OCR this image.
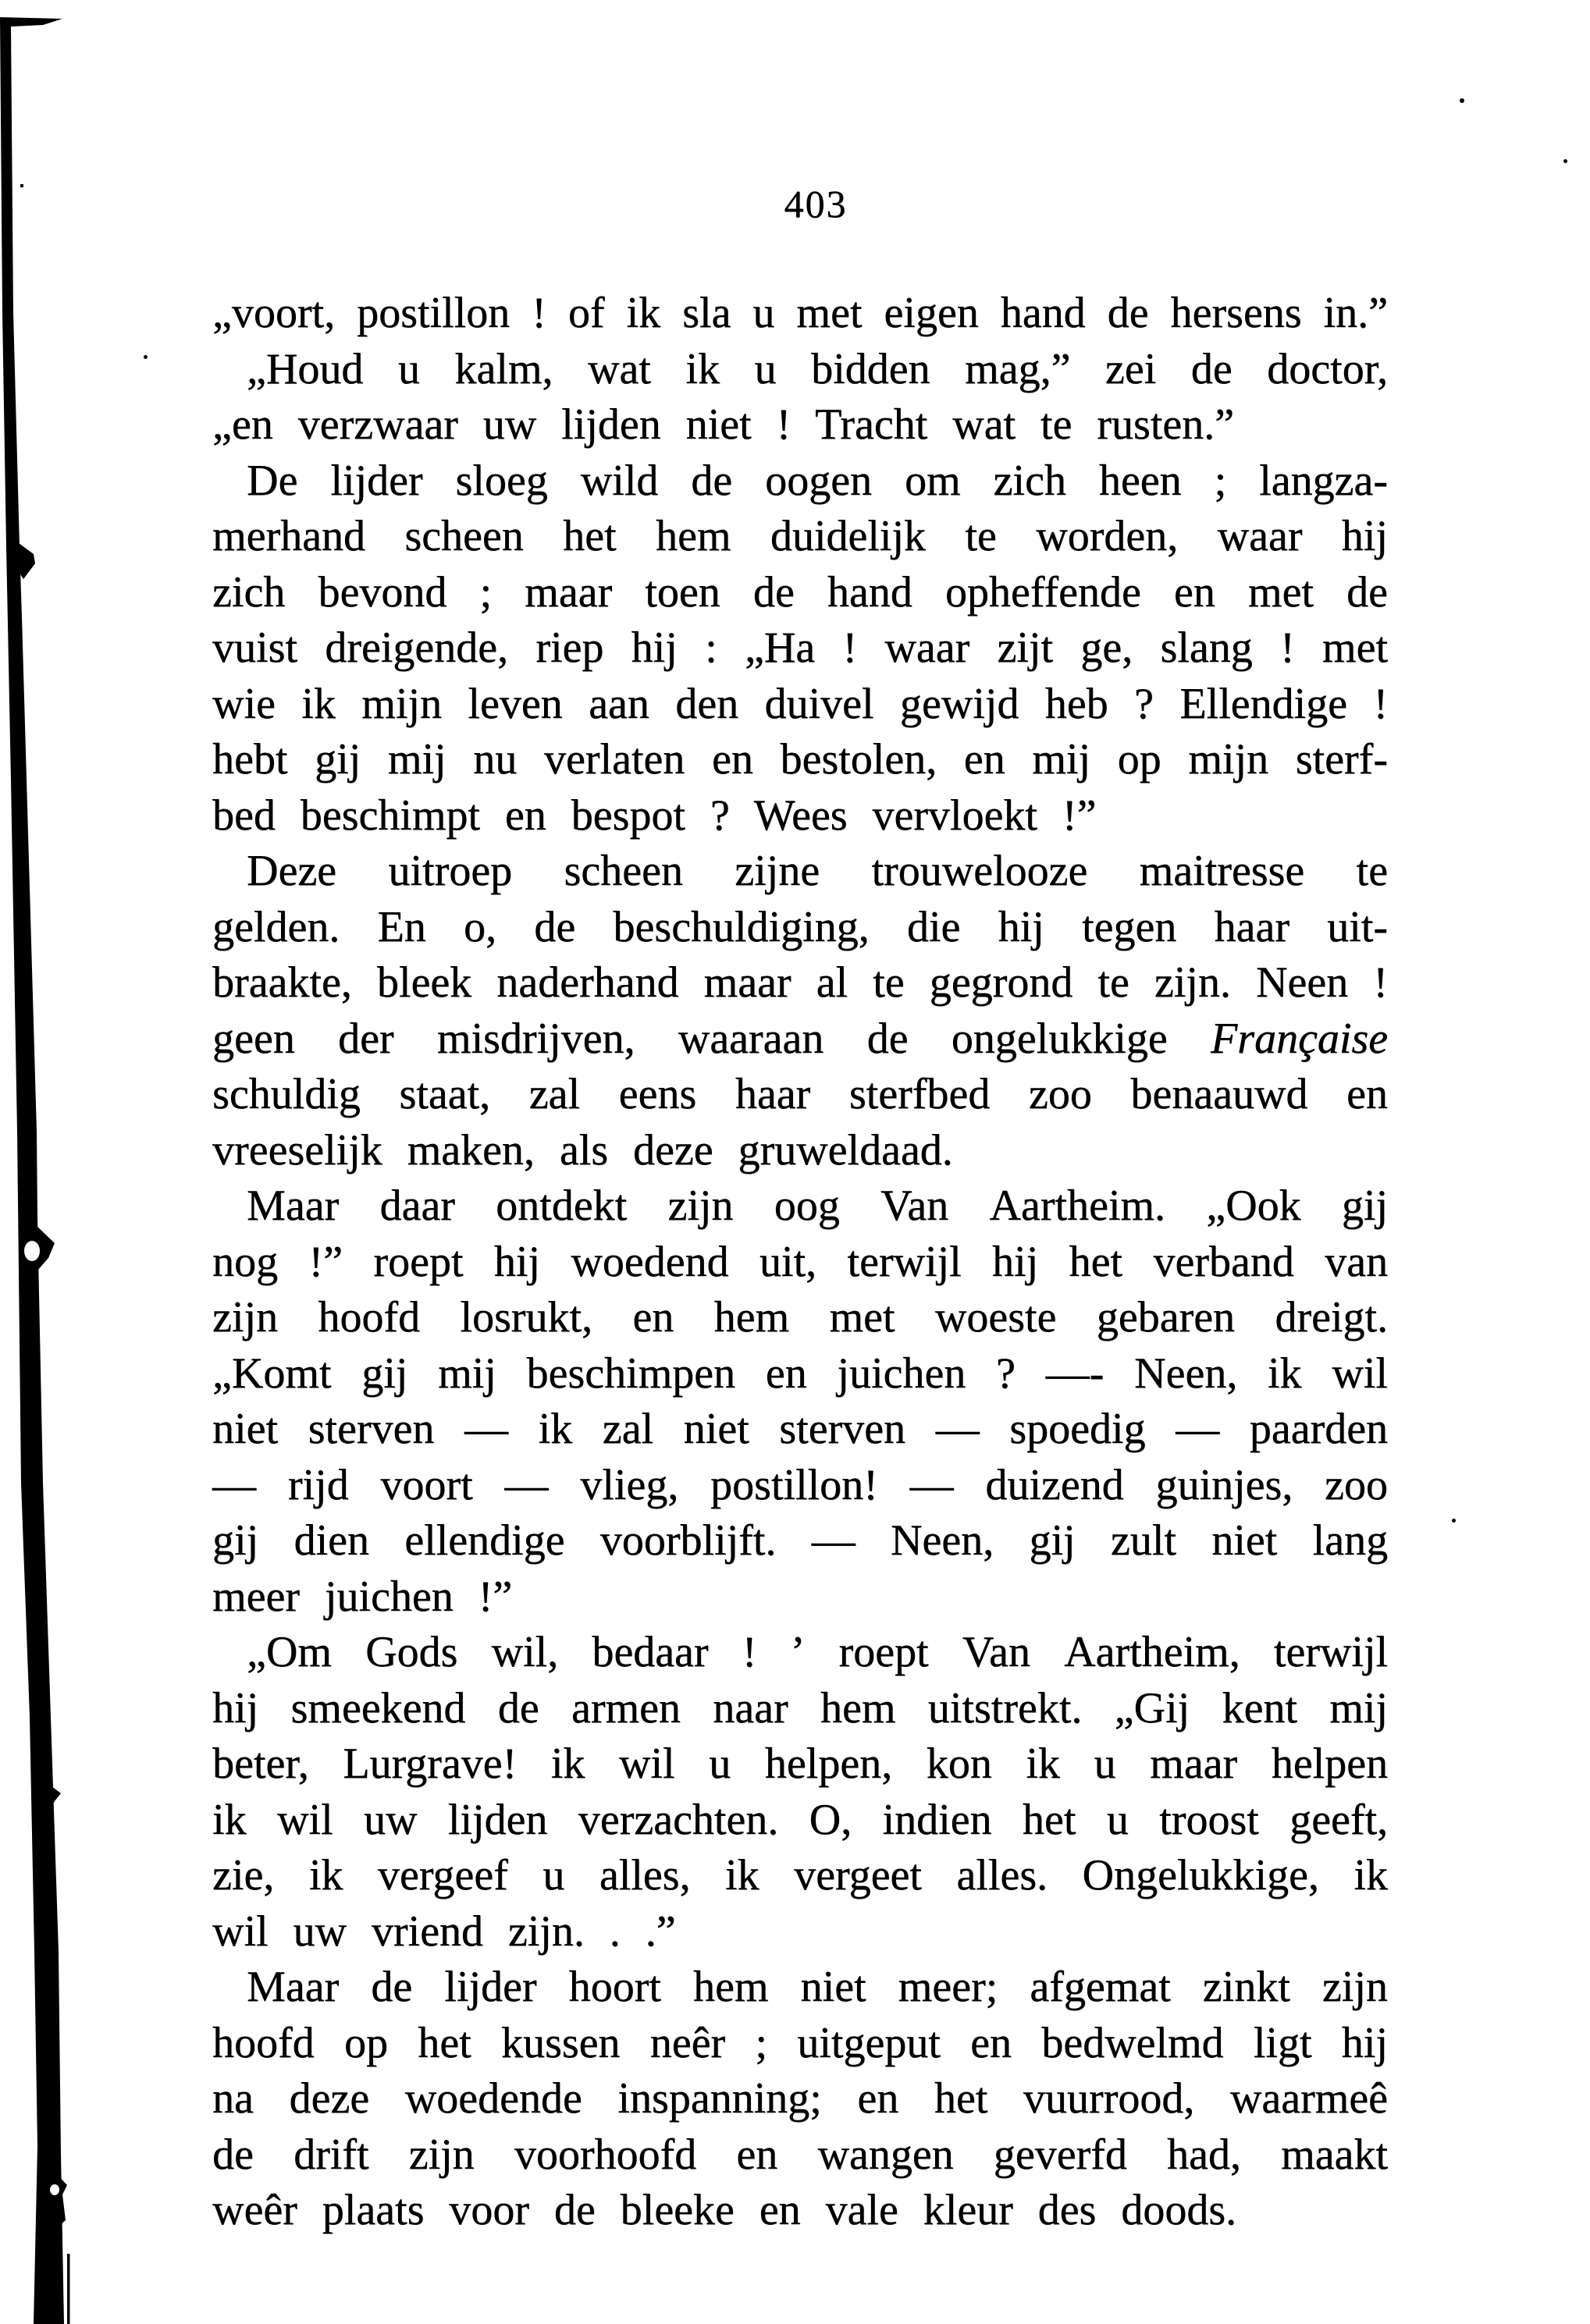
403
„voort, postillon ! of ik sla u met eigen hand de hersens in.”
„Houd u kalm, wat ik u bidden mag,” zei de doctor,
„en verzwaar uw lijden niet ! Tracht wat te rusten.”
De lijder sloeg wild de oogen om zich heen ; langza-
merhand scheen het hem duidelijk te worden, waar hij
zich bevond ; maar toen de hand opheffende en met de
vuist dreigende, riep hij : „Ha ! waar zijt ge, slang ! met
wie ik mijn leven aan den duivel gewijd heb ? Ellendige !
hebt gij mij nu verlaten en bestolen, en mij op mijn sterf-
bed beschimpt en bespot ? Wees vervloekt !”
Deze uitroep scheen zijne trouwelooze maitresse te
gelden. En o, de beschuldiging, die hij tegen haar uit-
braakte, bleek naderhand maar al te gegrond te zijn. Neen !
geen der misdrijven, waaraan de ongelukkige Française
schuldig staat, zal eens haar sterfbed zoo benaauwd en
vreeselijk maken, als deze gruweldaad.
Maar daar ontdekt zijn oog Van Aartheim. „Ook gij
nog !” roept hij woedend uit, terwijl hij het verband van
zijn hoofd losrukt, en hem met woeste gebaren dreigt.
„Komt gij mij beschimpen en juichen ? —- Neen, ik wil
niet sterven — ik zal niet sterven — spoedig — paarden
— rijd voort — vlieg, postillon! — duizend guinjes, zoo
gij dien ellendige voorblijft. — Neen, gij zult niet lang
meer juichen !”
„Om Gods wil, bedaar ! ’ roept Van Aartheim, terwijl
hij smeekend de armen naar hem uitstrekt. „Gij kent mij
beter, Lurgrave! ik wil u helpen, kon ik u maar helpen
ik wil uw lijden verzachten. O, indien het u troost geeft,
zie, ik vergeef u alles, ik vergeet alles. Ongelukkige, ik
wil uw vriend zijn. . .”
Maar de lijder hoort hem niet meer; afgemat zinkt zijn
hoofd op het kussen neêr ; uitgeput en bedwelmd ligt hij
na deze woedende inspanning; en het vuurrood, waarmeê
de drift zijn voorhoofd en wangen geverfd had, maakt
weêr plaats voor de bleeke en vale kleur des doods.
